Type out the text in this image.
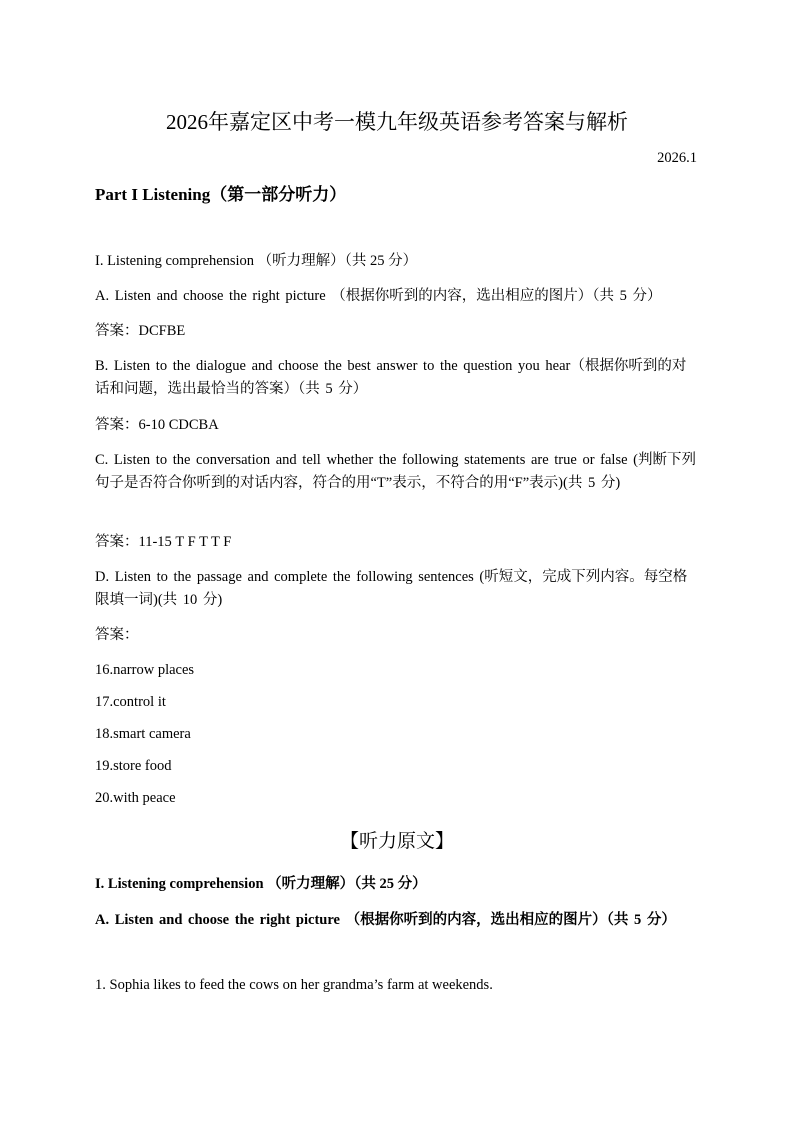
2026年嘉定区中考一模九年级英语参考答案与解析
2026.1
Part I Listening（第一部分听力）
I. Listening comprehension （听力理解）（共 25 分）
A. Listen and choose the right picture （根据你听到的内容，选出相应的图片）（共 5 分）
答案：DCFBE
B. Listen to the dialogue and choose the best answer to the question you hear（根据你听到的对话和问题，选出最恰当的答案）（共 5 分）
答案：6-10 CDCBA
C. Listen to the conversation and tell whether the following statements are true or false (判断下列句子是否符合你听到的对话内容，符合的用“T”表示，不符合的用“F”表示)(共 5 分)
答案：11-15 T F T T F
D. Listen to the passage and complete the following sentences (听短文，完成下列内容。每空格限填一词)(共 10 分)
答案：
16.narrow places
17.control it
18.smart camera
19.store food
20.with peace
【听力原文】
I. Listening comprehension （听力理解）（共 25 分）
A. Listen and choose the right picture （根据你听到的内容，选出相应的图片）（共 5 分）
1. Sophia likes to feed the cows on her grandma’s farm at weekends.
